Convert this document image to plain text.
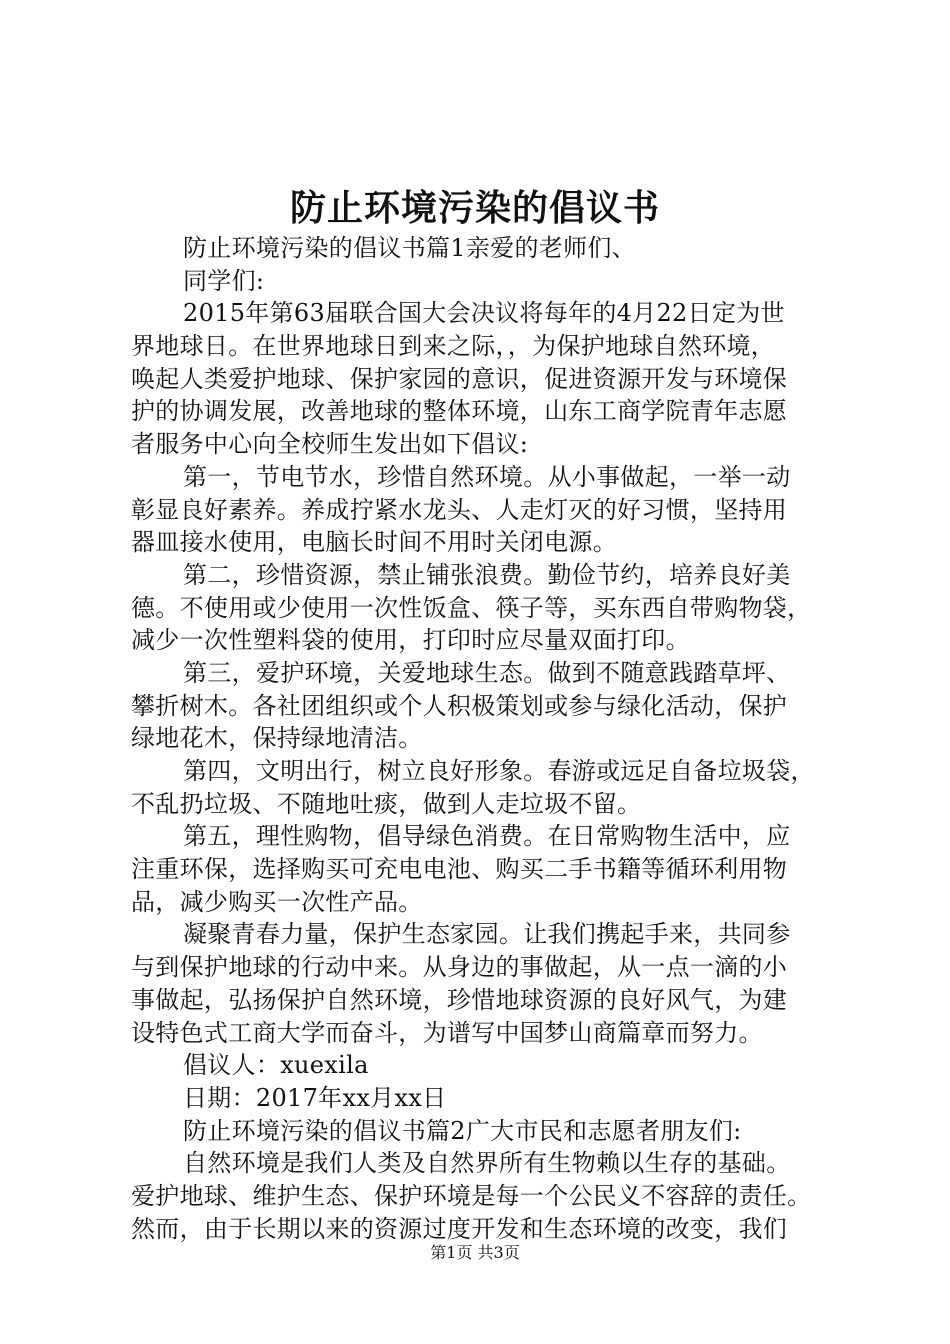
防止环境污染的倡议书
防止环境污染的倡议书篇1亲爱的老师们、
同学们:
2015年第63届联合国大会决议将每年的4月22日定为世
界地球日。在世界地球日到来之际，，为保护地球自然环境，
唤起人类爱护地球、保护家园的意识，促进资源开发与环境保
护的协调发展，改善地球的整体环境，山东工商学院青年志愿
者服务中心向全校师生发出如下倡议:
第一，节电节水，珍惜自然环境。从小事做起，一举一动
彰显良好素养。养成拧紧水龙头、人走灯灭的好习惯，坚持用
器皿接水使用，电脑长时间不用时关闭电源。
第二，珍惜资源，禁止铺张浪费。勤俭节约，培养良好美
德。不使用或少使用一次性饭盒、筷子等，买东西自带购物袋，
减少一次性塑料袋的使用，打印时应尽量双面打印。
第三，爱护环境，关爱地球生态。做到不随意践踏草坪、
攀折树木。各社团组织或个人积极策划或参与绿化活动，保护
绿地花木，保持绿地清洁。
第四，文明出行，树立良好形象。春游或远足自备垃圾袋，
不乱扔垃圾、不随地吐痰，做到人走垃圾不留。
第五，理性购物，倡导绿色消费。在日常购物生活中，应
注重环保，选择购买可充电电池、购买二手书籍等循环利用物
品，减少购买一次性产品。
凝聚青春力量，保护生态家园。让我们携起手来，共同参
与到保护地球的行动中来。从身边的事做起，从一点一滴的小
事做起，弘扬保护自然环境，珍惜地球资源的良好风气，为建
设特色式工商大学而奋斗，为谱写中国梦山商篇章而努力。
倡议人：xuexila
日期：2017年xx月xx日
防止环境污染的倡议书篇2广大市民和志愿者朋友们:
自然环境是我们人类及自然界所有生物赖以生存的基础。
爱护地球、维护生态、保护环境是每一个公民义不容辞的责任。
然而，由于长期以来的资源过度开发和生态环境的改变，我们
第1页 共3页
